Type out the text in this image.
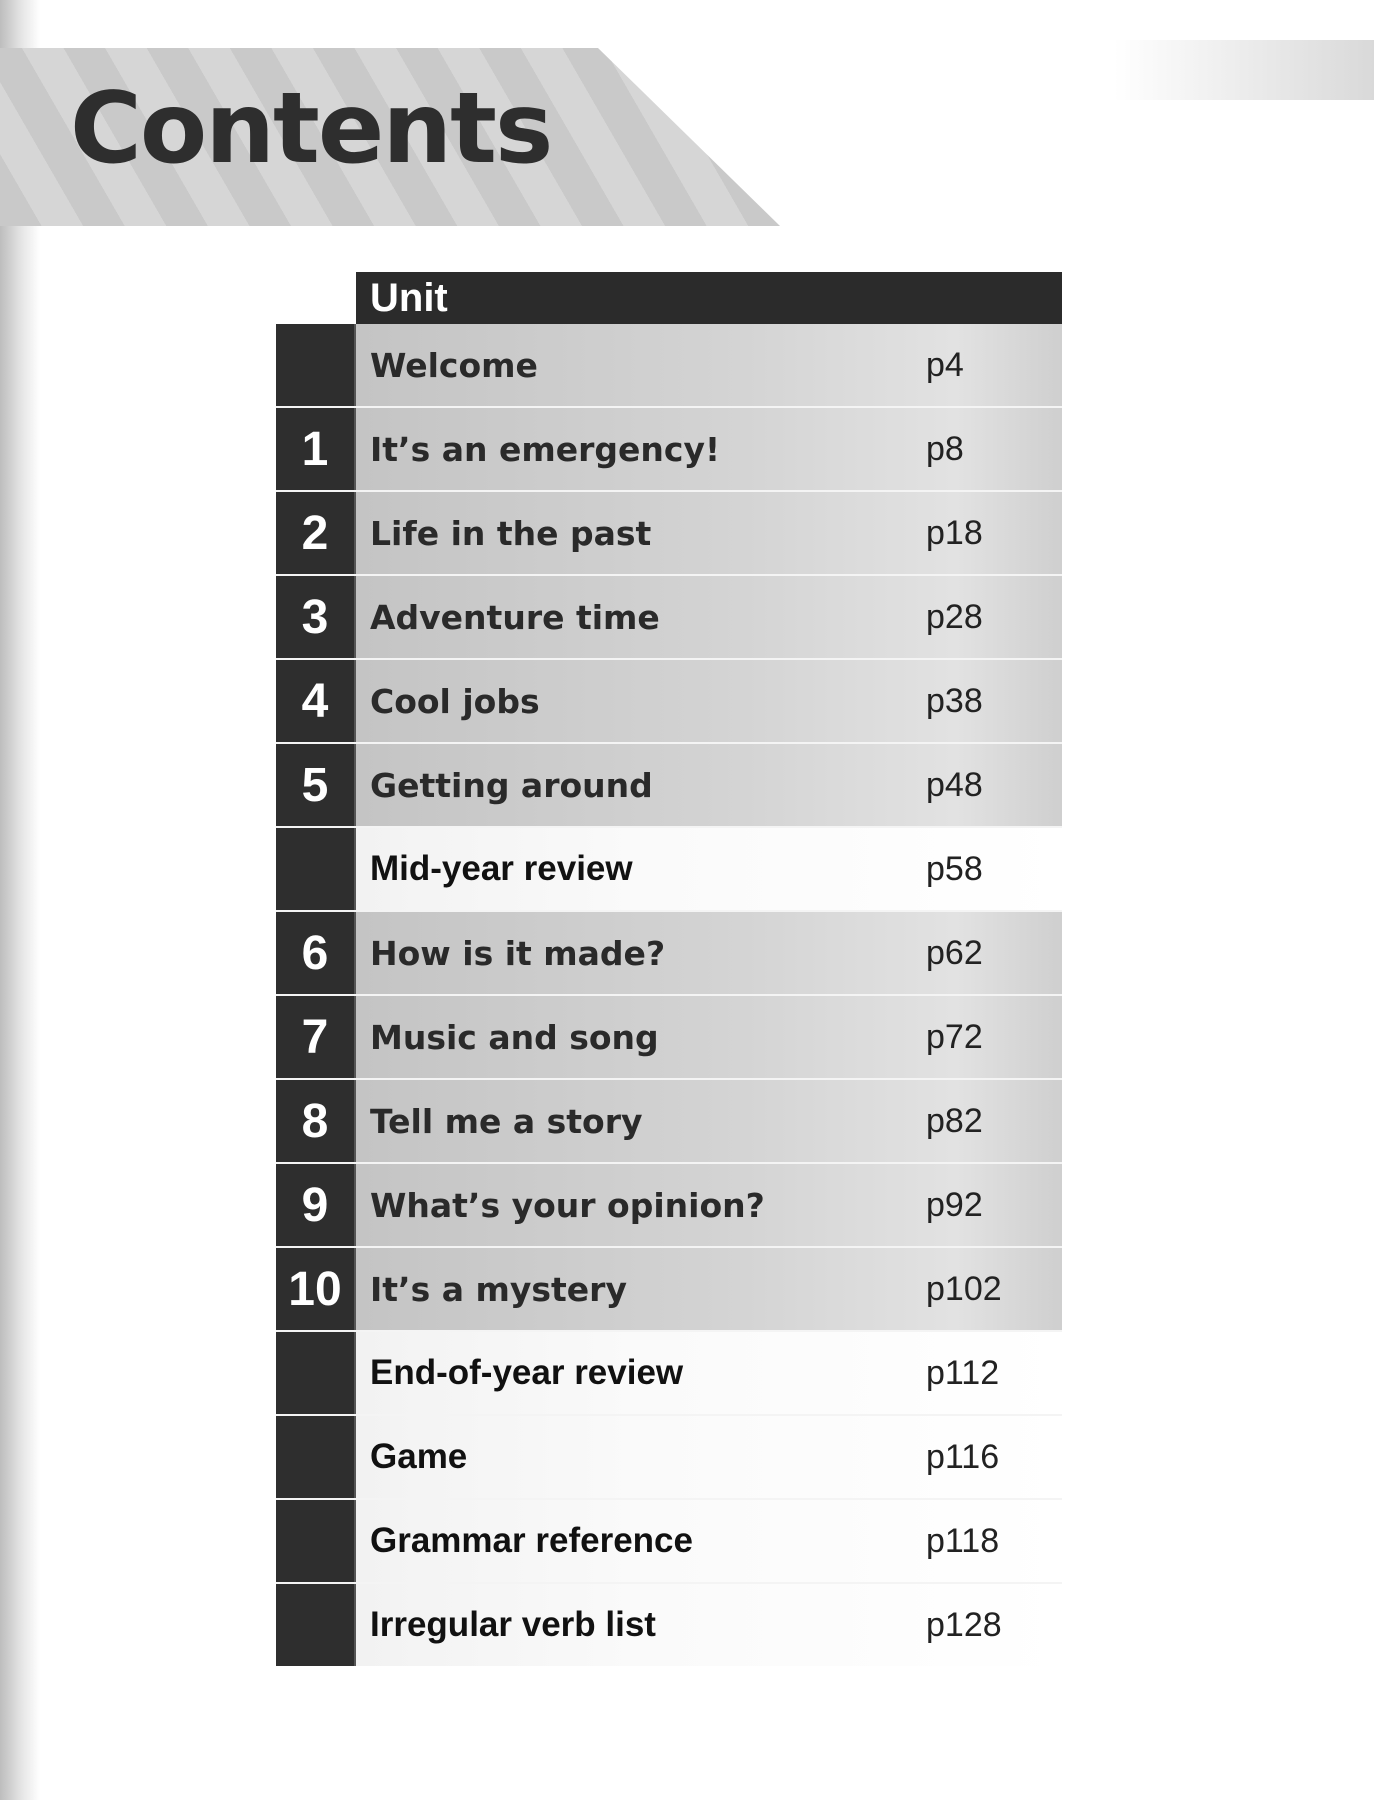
Contents
Unit
Welcome	p4
1	It’s an emergency!	p8
2	Life in the past	p18
3	Adventure time	p28
4	Cool jobs	p38
5	Getting around	p48
Mid-year review	p58
6	How is it made?	p62
7	Music and song	p72
8	Tell me a story	p82
9	What’s your opinion?	p92
10 It’s a mystery	p102
End-of-year review	p112
Game	p116
Grammar reference	p118
Irregular verb list	p128
